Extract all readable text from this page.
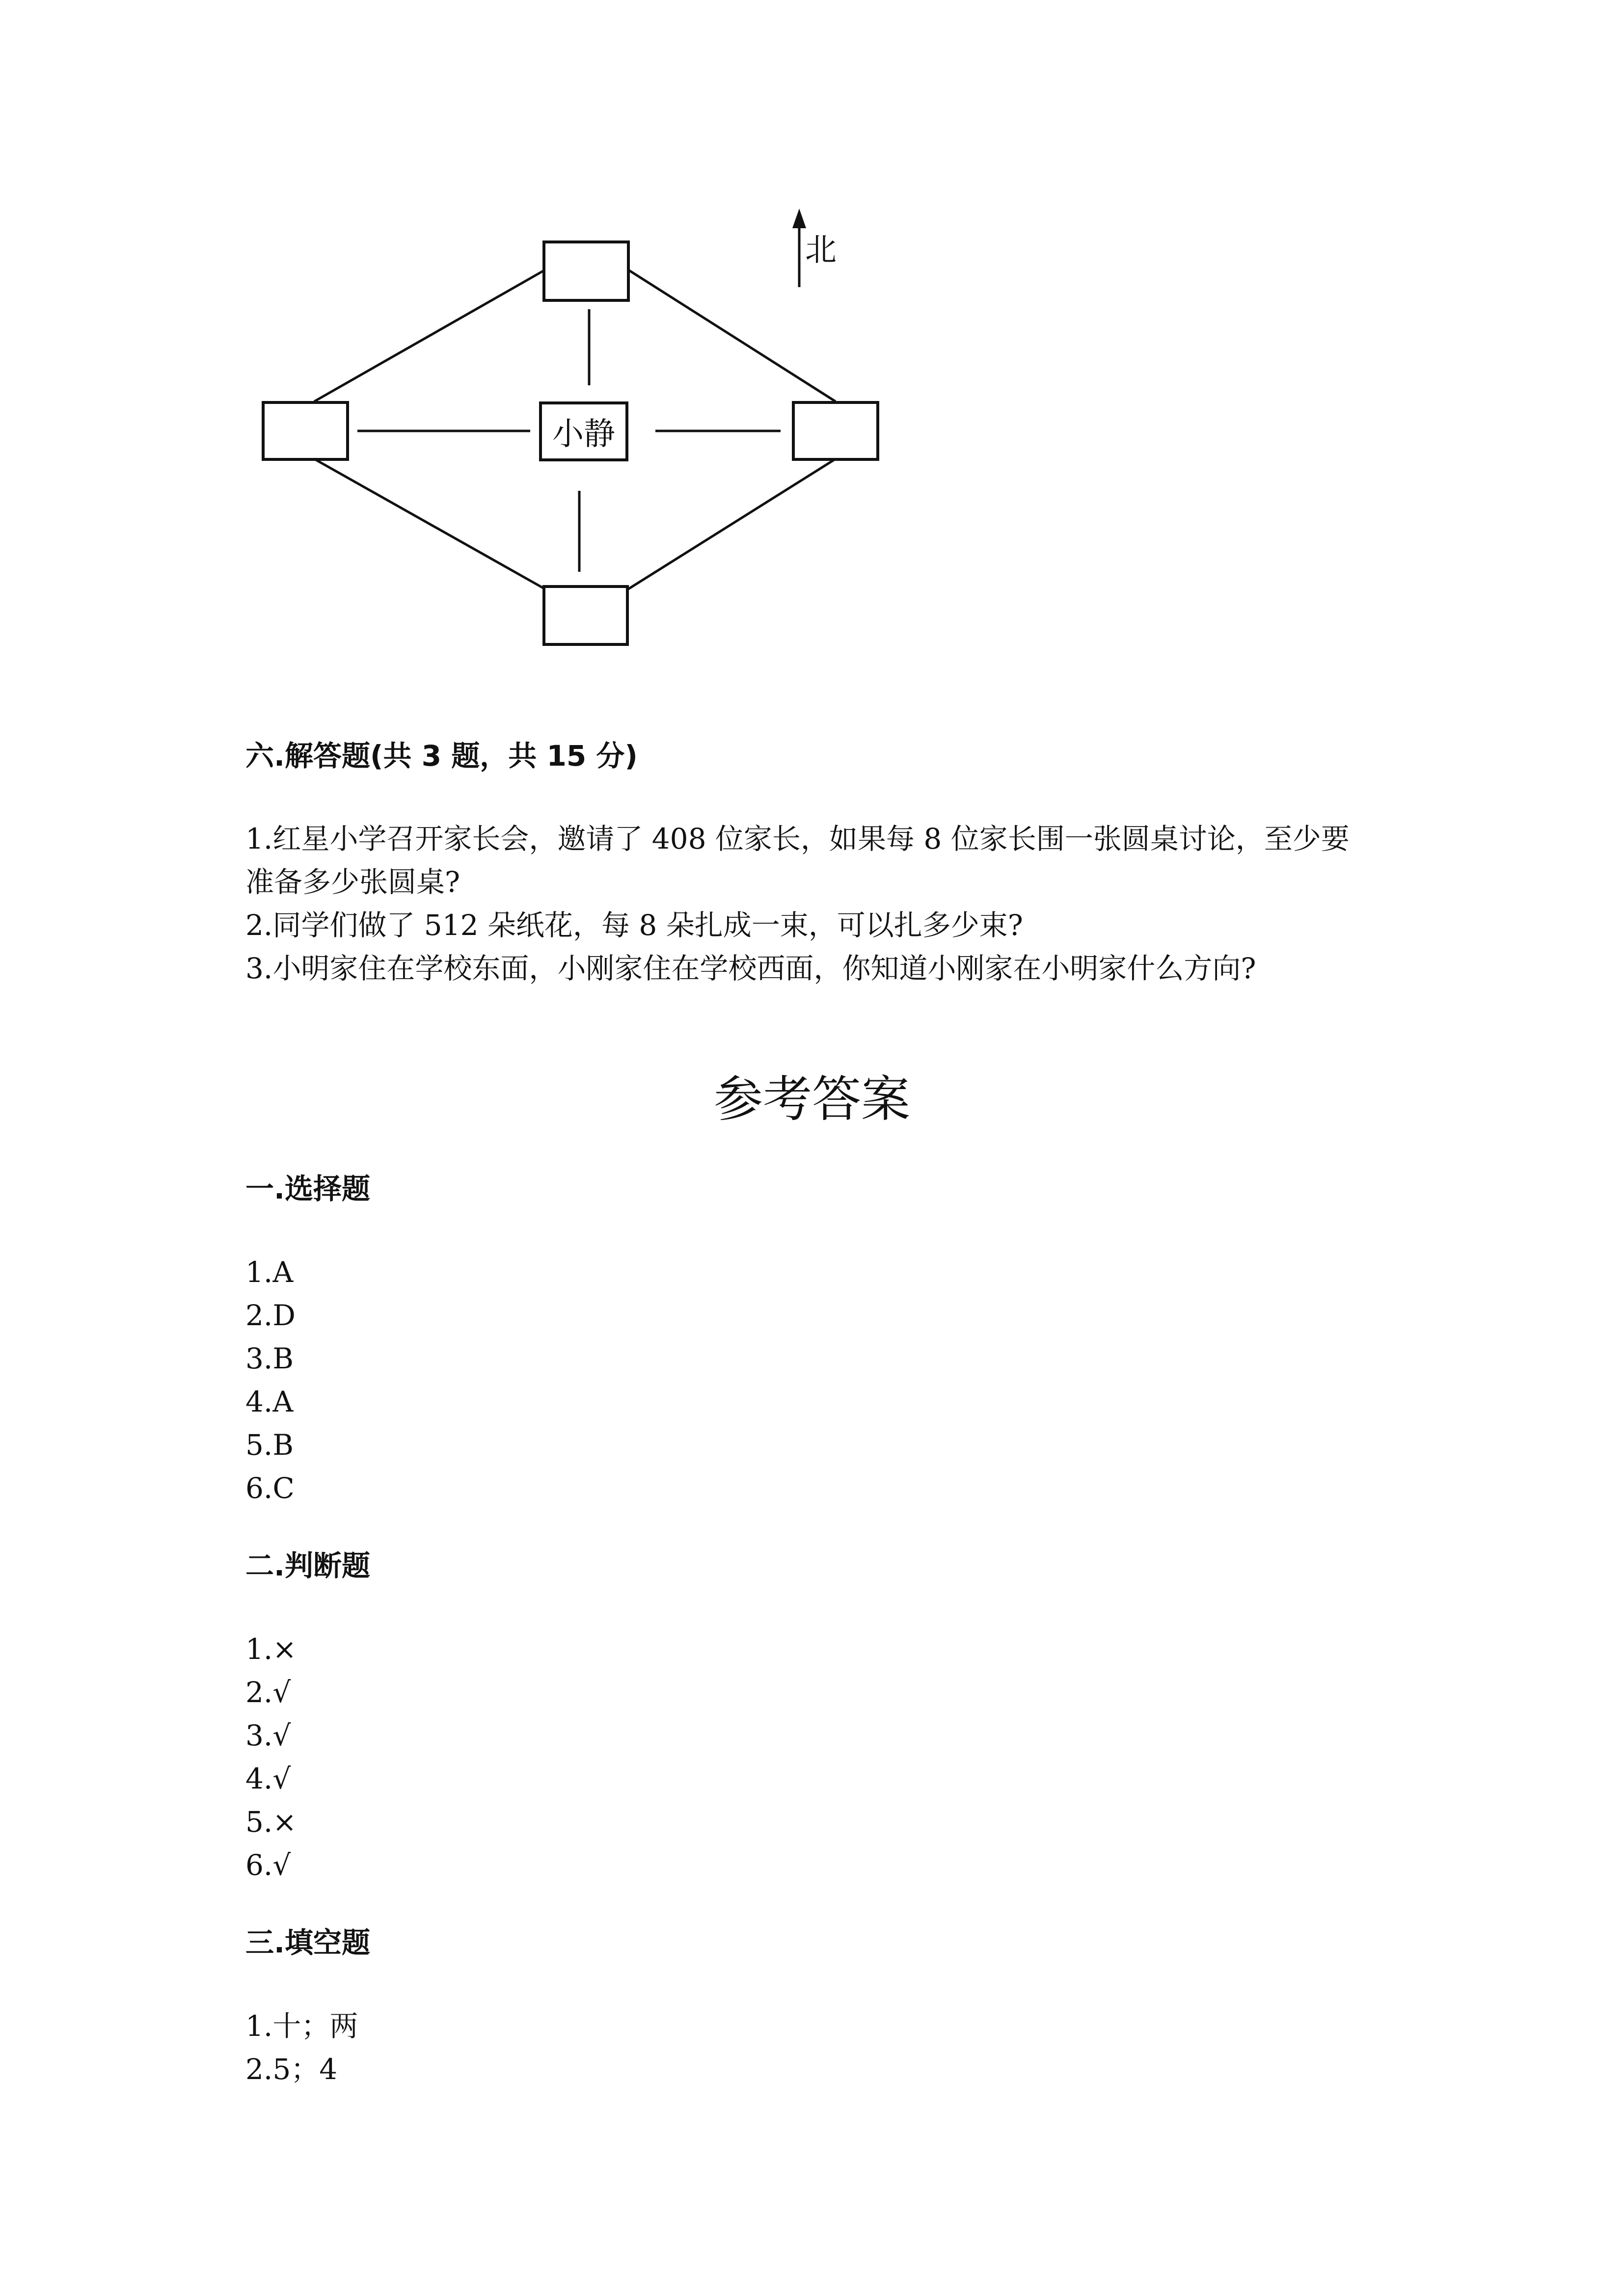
小静
北

六.解答题(共 3 题，共 15 分)

1.红星小学召开家长会，邀请了 408 位家长，如果每 8 位家长围一张圆桌讨论，至少要准备多少张圆桌?

2.同学们做了 512 朵纸花，每 8 朵扎成一束，可以扎多少束?

3.小明家住在学校东面，小刚家住在学校西面，你知道小刚家在小明家什么方向?

参考答案

一.选择题

1.A
2.D
3.B
4.A
5.B
6.C

二.判断题

1.×
2.√
3.√
4.√
5.×
6.√

三.填空题

1.十；两
2.5；4
